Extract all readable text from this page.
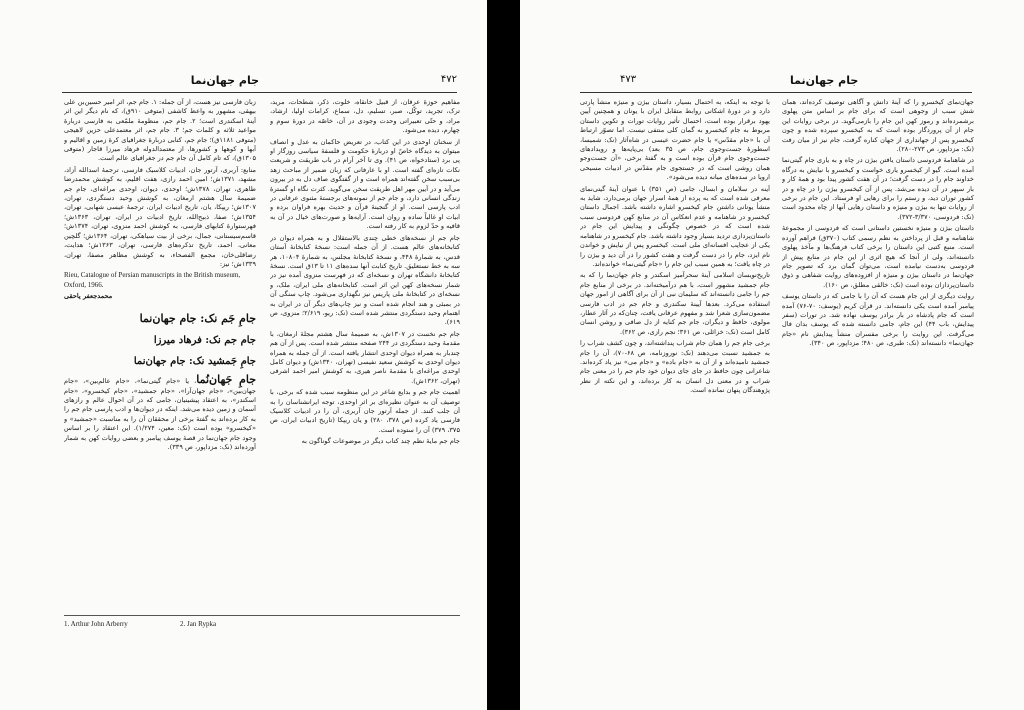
جام جهان‌نما	۴۷۲

مفاهیم حوزهٔ عرفان، از قبیل خانقاه، خلوت، ذکر، شطحات، مرید، ترک، تجرید، توکّل، صبر، تسلیم، دل، سماع، کرامات اولیا، ارشاد، مراد، و حتّی تعبیراتی وحدت وجودی در آن، خاصّه در دورهٔ سوم و چهارم، دیده می‌شود.

از سخنان اوحدی در این کتاب، در تعریض حاکمان به عدل و انصاف میتوان به دیدگاه خاصّ او دربارهٔ حکومت و فلسفهٔ سیاسی روزگار او پی برد (ستادخواه، ص ۴۱). وی تا آخر آرام در باب طریقت و شریعت نکات تازه‌ای گفته است. او با عارفانی که زبان ضمیر از مباحث زهد بی‌سبب سخن گفته‌اند همراه است و از گفتگوی صاف دل به در بیرون می‌آید و در آیین مهر اهل طریقت سخن می‌گوید. کثرت نگاه او گسترهٔ زندگی انسانی دارد، و جام جم از نمونه‌های برجستهٔ مثنوی عرفانی در ادب پارسی است. او از گنجینهٔ قرآن و حدیث بهره فراوان برده و ابیات او غالباً ساده و روان است. آرایه‌ها و صورت‌های خیال در آن به قافیه و حدّ لزوم به کار رفته است.

جام جم از نسخه‌های خطی چندی بالاستقلال و به همراه دیوان در کتابخانه‌های عالم هست. از آن جمله است: نسخهٔ کتابخانهٔ آستان قدس، به شمارهٔ ۴۴۸، و نسخهٔ کتابخانهٔ مجلس، به شمارهٔ ۱۰۸۰۴، هر سه به خط نستعلیق. تاریخ کتابت آنها سده‌های ۱۱ تا ۱۳ق است. نسخهٔ کتابخانهٔ دانشگاه تهران و نسخه‌ای که در فهرست منزوی آمده نیز در شمار نسخه‌های کهن این اثر است. کتابخانه‌های ملی ایران، ملک، و نسخه‌ای در کتابخانهٔ ملی پاریس نیز نگهداری می‌شود. چاپ سنگی آن در بمبئی و هند انجام شده است و نیز چاپ‌های دیگر آن در ایران به اهتمام وحید دستگردی منتشر شده است (نک: ریو، ۲/۶۱۹؛ منزوی، ص ۶۱۹).

جام جم نخست در ۱۳۰۷ش، به ضمیمهٔ سال هشتم مجلهٔ ارمغان، با مقدمهٔ وحید دستگردی در ۲۴۴ صفحه منتشر شده است. پس از آن هم چندبار به همراه دیوان اوحدی انتشار یافته است. از آن جمله به همراه دیوان اوحدی به کوشش سعید نفیسی (تهران، ۱۳۴۰ش) و دیوان کامل اوحدی مراغه‌ای با مقدمهٔ ناصر هیری، به کوشش امیر احمد اشرفی (تهران، ۱۳۶۲ش).

اهمیت جام جم و بدایع شاعر در این منظومه سبب شده که برخی، با توصیف آن به عنوان نظیره‌ای بر اثر اوحدی، توجه ایرانشناسان را به آن جلب کنند. از جمله آرتور جان آربری، آن را در ادبیات کلاسیک فارسی یاد کرده (ص ۳۷۸، ۲۸۰) و یان ریپکا (تاریخ ادبیات ایران، ص ۳۷۵، ۳۷۹) آن را ستوده است.

جام جم مایهٔ نظم چند کتاب دیگر در موضوعات گوناگون به

زبان فارسی نیز هست، از آن جمله: ۱. جام جم، اثر امیر حسین‌بن علی بیهقی، مشهور به واعظ کاشفی (متوفی ۹۱۰ق)، که نام دیگر این اثر آینهٔ اسکندری است؛ ۲. جام جم، منظومهٔ ملمّعی به فارسی دربارهٔ مواعید ثلاثه و کلمات جم؛ ۳. جام جم، اثر معتمدعلی حزین لاهیجی (متوفی ۱۱۸۱ق)؛ جام جم، کتابی دربارهٔ جغرافیای کرهٔ زمین و اقالیم و آبها و کوهها و کشورها، از معتمدالدوله فرهاد میرزا قاجار (متوفی ۱۳۰۵ق)، که تام کامل آن جام جم در جغرافیای عالم است.

منابع: آربری، آرتور جان، ادبیات کلاسیک فارسی، ترجمهٔ اسدالله آزاد، مشهد، ۱۳۷۱ش؛ امین احمد رازی، هفت اقلیم، به کوشش محمدرضا طاهری، تهران، ۱۳۷۸ش؛ اوحدی، دیوان، اوحدی مراغه‌ای، جام جم ضمیمهٔ سال هشتم ارمغان، به کوشش وحید دستگردی، تهران، ۱۳۰۷ش؛ ریپکا، یان، تاریخ ادبیات ایران، ترجمهٔ عیسی شهابی، تهران، ۱۳۵۴ش؛ صفا، ذبیح‌الله، تاریخ ادبیات در ایران، تهران، ۱۳۶۳ش؛ فهرستوارهٔ کتابهای فارسی، به کوشش احمد منزوی، تهران، ۱۳۷۴ش؛ قاسم‌سیستانی، جمال، برخی از بیت سیاهکی، تهران، ۱۳۶۴ش؛ گلچین معانی، احمد، تاریخ تذکره‌های فارسی، تهران، ۱۳۶۳ش؛ هدایت، رضاقلی‌خان، مجمع الفصحاء، به کوشش مظاهر مصفا، تهران، ۱۳۳۹ش؛ نیز:

Rieu, Catalogue of Persian manuscripts in the British museum, Oxford, 1966.

محمدجعفر یاحقی

جامِ جَم نک: جام جهان‌نما

جام جم نک: فرهاد میرزا

جامِ جَمشید نک: جام جهان‌نما

جامِ جَهان‌نُما، یا «جام گیتی‌نما»، «جام عالم‌بین»، «جام جهان‌بین»، «جام جهان‌آرا»، «جام جمشید»، «جام کیخسرو»، «جام اسکندر»، به اعتقاد پیشینیان، جامی که در آن احوال عالم و رازهای آسمان و زمین دیده می‌شد. اینکه در دیوان‌ها و ادب پارسی جام جم را به کار برده‌اند به گفتهٔ برخی از محققان آن را به مناسبت «جمشید» و «کیخسرو» بوده است (نک: معین، ۱/۲۷۴). این اعتقاد را بر اساس وجود جام جهان‌نما در قصهٔ یوسف پیامبر و بعضی روایات کهن به شمار آورده‌اند (نک: مزداپور، ص ۳۳۹).

1. Arthur John Arberry	2. Jan Rypka
جام جهان‌نما
۴۷۳

جهان‌نمای کیخسرو را که آینهٔ دانش و آگاهی توصیف کرده‌اند، همان شش سبب از وجوهی است که برای جام بر اساس متن پهلوی برشمرده‌اند و رموز کهن این جام را بازمی‌گوید. در برخی روایات این جام از آن پروردگار بوده است که به کیخسرو سپرده شده و چون کیخسرو پس از جهانداری از جهان کناره گرفت، جام نیز از میان رفت (نک: مزداپور، ص ۲۷۳-۲۸۰).

در شاهنامهٔ فردوسی داستان یافتن بیژن در چاه و به یاری جام گیتی‌نما آمده است. گیو از کیخسرو یاری خواست و کیخسرو با نیایش به درگاه خداوند جام را در دست گرفت؛ در آن هفت کشور پیدا بود و همهٔ کار و بار سپهر در آن دیده می‌شد. پس از آن کیخسرو بیژن را در چاه و در کشور توران دید، و رستم را برای رهایی او فرستاد. این جام در برخی از روایات تنها به بیژن و منیژه و داستان رهایی آنها از چاه محدود است (نک: فردوسی، ۳/۳۷۰-۳۷۲).

داستان بیژن و منیژه نخستین داستانی است که فردوسی از مجموعهٔ شاهنامه و قبل از پرداختن به نظم رسمی کتاب (۳۷۰ق) فراهم آورده است. منبع کتبی این داستان را برخی کتاب فرهنگ‌ها و مآخذ پهلوی دانسته‌اند، ولی از آنجا که هیچ اثری از این جام در منابع پیش از فردوسی به‌دست نیامده است، می‌توان گمان برد که تصویر جام جهان‌نما در داستان بیژن و منیژه از افزوده‌های روایت شفاهی و ذوق داستان‌پردازان بوده است (نک: خالقی مطلق، ص ۱۶۰).

روایت دیگری از این جام هست که آن را با جامی که در داستان یوسف پیامبر آمده است یکی دانسته‌اند. در قرآن کریم (یوسف: ۷۰-۷۶) آمده است که جام پادشاه در بار برادر یوسف نهاده شد. در تورات (سفر پیدایش، باب ۴۴) این جام، جامی دانسته شده که یوسف بدان فال می‌گرفت. این روایت را برخی مفسران منشأ پیدایش نام «جام جهان‌نما» دانسته‌اند (نک: طبری، ص ۴۸۰؛ مزداپور، ص ۳۴۰).

با توجه به اینکه، به احتمال بسیار، داستان بیژن و منیژه منشأ پارتی دارد و در دورهٔ اشکانی روابط متقابل ایران با یونان و همچنین آیین یهود برقرار بوده است، احتمال تأثیر روایات تورات و تکوین داستان مربوط به جام کیخسرو به گمان کلی منتفی نیست. اما تصوّر ارتباط آن با «جام مقدّس» یا جام حضرت عیسی در شاه‌آثار (نک: شمیسا، اسطورهٔ جست‌وجوی جام، ص ۳۵ بعد) بی‌پایه‌ها و رویدادهای جست‌وجوی جام قرآن بوده است و به گفتهٔ برخی، «آن جست‌وجو همان روشی است که در جستجوی جام مقدّس در ادبیات مسیحی اروپا در سده‌های میانه دیده می‌شود».

آینه در سلامان و ابسال، جامی (ص ۳۵۱) با عنوان آینهٔ گیتی‌نمای معرفی شده است که به پرده از همهٔ اسرار جهان برمی‌دارد، شاید به منشأ یونانی داشتن جام کیخسرو اشاره داشته باشد. اجمال داستان کیخسرو در شاهنامه و عدم انعکاس آن در منابع کهن فردوسی سبب شده است که در خصوص چگونگی و پیدایش این جام در داستان‌پردازی تردید بسیار وجود داشته باشد. جام کیخسرو در شاهنامه یکی از عجایب افسانه‌ای ملی است. کیخسرو پس از نیایش و خواندن نام ایزد، جام را در دست گرفت و هفت کشور را در آن دید و بیژن را در چاه یافت؛ به همین سبب این جام را «جام گیتی‌نما» خوانده‌اند.

تاریخ‌نویسان اسلامی آینهٔ سحرآمیز اسکندر و جام جهان‌نما را که به جام جمشید مشهور است، با هم درآمیخته‌اند. در برخی از منابع جام جم را جامی دانسته‌اند که سلیمان نبی از آن برای آگاهی از امور جهان استفاده می‌کرد. بعدها آیینهٔ سکندری و جام جم در ادب فارسی مضمون‌سازی شعرا شد و مفهوم عرفانی یافت، چنان‌که در آثار عطار، مولوی، حافظ و دیگران، جام جم کنایه از دل صافی و روشن انسان کامل است (نک: خزائلی، ص ۳۶۱؛ نجم رازی، ص ۳۶۲).

برخی جام جم را همان جام شراب پنداشته‌اند، و چون کشف شراب را به جمشید نسبت می‌دهند (نک: نوروزنامه، ص ۶۸-۷۰)، آن را جام جمشید نامیده‌اند و از آن به «جام باده» و «جام می» نیز یاد کرده‌اند. شاعرانی چون حافظ در جای جای دیوان خود جام جم را در معنی جام شراب و در معنی دل انسان به کار برده‌اند، و این نکته از نظر پژوهندگان پنهان نمانده است.
